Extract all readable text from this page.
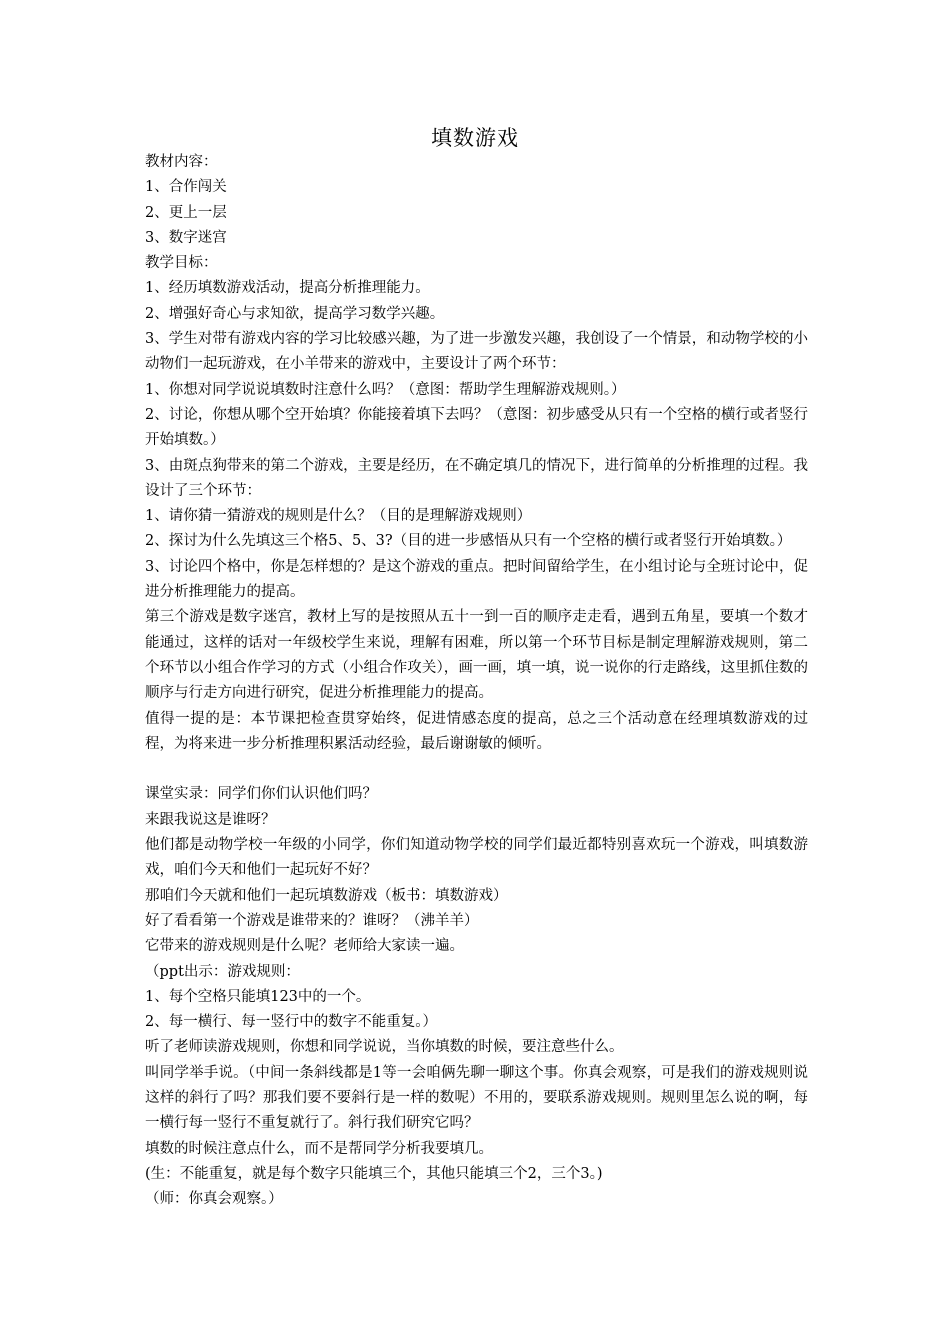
填数游戏

教材内容：

1、合作闯关

2、更上一层

3、数字迷宫

教学目标：

1、经历填数游戏活动，提高分析推理能力。

2、增强好奇心与求知欲，提高学习数学兴趣。

3、学生对带有游戏内容的学习比较感兴趣，为了进一步激发兴趣，我创设了一个情景，和动物学校的小动物们一起玩游戏，在小羊带来的游戏中，主要设计了两个环节：

1、你想对同学说说填数时注意什么吗？（意图：帮助学生理解游戏规则。）

2、讨论，你想从哪个空开始填？你能接着填下去吗？（意图：初步感受从只有一个空格的横行或者竖行开始填数。）

3、由斑点狗带来的第二个游戏，主要是经历，在不确定填几的情况下，进行简单的分析推理的过程。我设计了三个环节：

1、请你猜一猜游戏的规则是什么？（目的是理解游戏规则）

2、探讨为什么先填这三个格5、5、3?（目的进一步感悟从只有一个空格的横行或者竖行开始填数。）

3、讨论四个格中，你是怎样想的？是这个游戏的重点。把时间留给学生，在小组讨论与全班讨论中，促进分析推理能力的提高。

第三个游戏是数字迷宫，教材上写的是按照从五十一到一百的顺序走走看，遇到五角星，要填一个数才能通过，这样的话对一年级校学生来说，理解有困难，所以第一个环节目标是制定理解游戏规则，第二个环节以小组合作学习的方式（小组合作攻关），画一画，填一填，说一说你的行走路线，这里抓住数的顺序与行走方向进行研究，促进分析推理能力的提高。

值得一提的是：本节课把检查贯穿始终，促进情感态度的提高，总之三个活动意在经理填数游戏的过程，为将来进一步分析推理积累活动经验，最后谢谢敏的倾听。

课堂实录：同学们你们认识他们吗？

来跟我说这是谁呀？

他们都是动物学校一年级的小同学，你们知道动物学校的同学们最近都特别喜欢玩一个游戏，叫填数游戏，咱们今天和他们一起玩好不好？

那咱们今天就和他们一起玩填数游戏（板书：填数游戏）

好了看看第一个游戏是谁带来的？谁呀？（沸羊羊）

它带来的游戏规则是什么呢？老师给大家读一遍。

（ppt出示：游戏规则：

1、每个空格只能填123中的一个。

2、每一横行、每一竖行中的数字不能重复。）

听了老师读游戏规则，你想和同学说说，当你填数的时候，要注意些什么。

叫同学举手说。（中间一条斜线都是1等一会咱俩先聊一聊这个事。你真会观察，可是我们的游戏规则说这样的斜行了吗？那我们要不要斜行是一样的数呢）不用的，要联系游戏规则。规则里怎么说的啊，每一横行每一竖行不重复就行了。斜行我们研究它吗？

填数的时候注意点什么，而不是帮同学分析我要填几。

(生：不能重复，就是每个数字只能填三个，其他只能填三个2，三个3。)

（师：你真会观察。）
